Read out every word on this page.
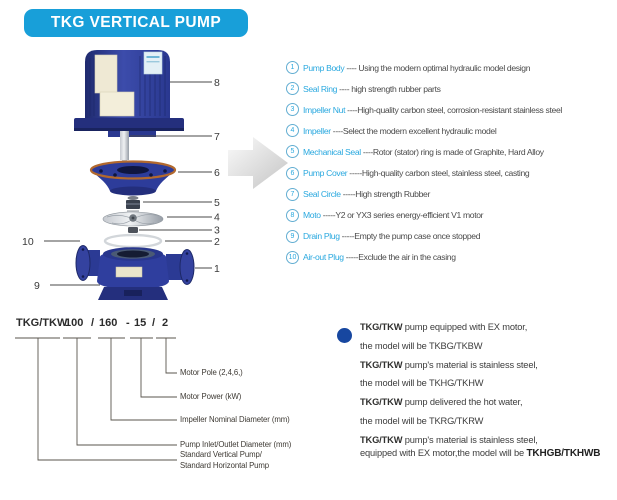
TKG VERTICAL PUMP
8
7
6
5
4
3
2
1
10
9
1 Pump Body ---- Using the modern optimal hydraulic model design
2 Seal Ring ---- high strength rubber parts
3 Impeller Nut ----High-quality carbon steel, corrosion-resistant stainless steel
4 Impeller ----Select the modern excellent hydraulic model
5 Mechanical Seal ----Rotor (stator) ring is made of Graphite, Hard Alloy
6 Pump Cover -----High-quality carbon steel, stainless steel, casting
7 Seal Circle -----High strength Rubber
8 Moto -----Y2 or YX3 series energy-efficient V1 motor
9 Drain Plug -----Empty the pump case once stopped
10 Air-out Plug -----Exclude the air in the casing
TKG/TKW
100 / 160 - 15 / 2
Motor Pole (2,4,6,)
Motor Power (kW)
Impeller Nominal Diameter (mm)
Pump Inlet/Outlet Diameter (mm)
Standard Vertical Pump/
Standard Horizontal Pump
TKG/TKW pump equipped with EX motor,
the model will be TKBG/TKBW
TKG/TKW pump's material is stainless steel,
the model will be TKHG/TKHW
TKG/TKW pump delivered the hot water,
the model will be TKRG/TKRW
TKG/TKW pump's material is stainless steel,
equipped with EX motor,the model will be TKHGB/TKHWB
